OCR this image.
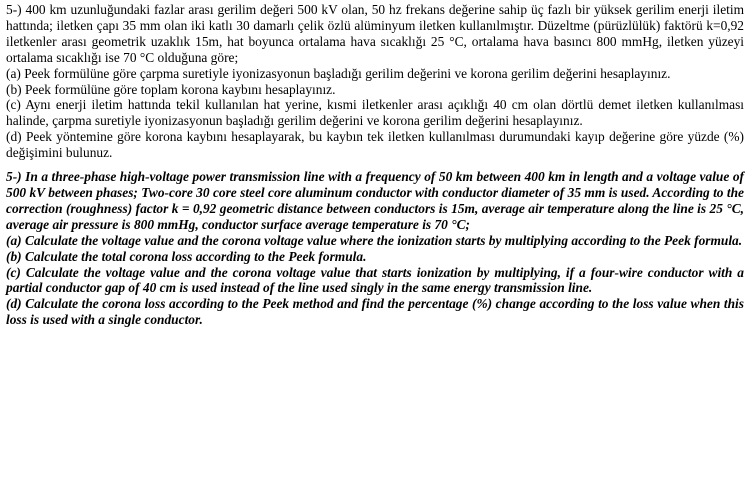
5-) 400 km uzunluğundaki fazlar arası gerilim değeri 500 kV olan, 50 hz frekans değerine sahip üç fazlı bir yüksek gerilim enerji iletim hattında; iletken çapı 35 mm olan iki katlı 30 damarlı çelik özlü alüminyum iletken kullanılmıştır. Düzeltme (pürüzlülük) faktörü k=0,92 iletkenler arası geometrik uzaklık 15m, hat boyunca ortalama hava sıcaklığı 25 °C, ortalama hava basıncı 800 mmHg, iletken yüzeyi ortalama sıcaklığı ise 70 °C olduğuna göre;

(a) Peek formülüne göre çarpma suretiyle iyonizasyonun başladığı gerilim değerini ve korona gerilim değerini hesaplayınız.

(b) Peek formülüne göre toplam korona kaybını hesaplayınız.

(c) Aynı enerji iletim hattında tekil kullanılan hat yerine, kısmi iletkenler arası açıklığı 40 cm olan dörtlü demet iletken kullanılması halinde, çarpma suretiyle iyonizasyonun başladığı gerilim değerini ve korona gerilim değerini hesaplayınız.

(d) Peek yöntemine göre korona kaybını hesaplayarak, bu kaybın tek iletken kullanılması durumundaki kayıp değerine göre yüzde (%) değişimini bulunuz.

5-) In a three-phase high-voltage power transmission line with a frequency of 50 km between 400 km in length and a voltage value of 500 kV between phases; Two-core 30 core steel core aluminum conductor with conductor diameter of 35 mm is used. According to the correction (roughness) factor k = 0,92 geometric distance between conductors is 15m, average air temperature along the line is 25 °C, average air pressure is 800 mmHg, conductor surface average temperature is 70 °C;

(a) Calculate the voltage value and the corona voltage value where the ionization starts by multiplying according to the Peek formula.

(b) Calculate the total corona loss according to the Peek formula.

(c) Calculate the voltage value and the corona voltage value that starts ionization by multiplying, if a four-wire conductor with a partial conductor gap of 40 cm is used instead of the line used singly in the same energy transmission line.

(d) Calculate the corona loss according to the Peek method and find the percentage (%) change according to the loss value when this loss is used with a single conductor.
